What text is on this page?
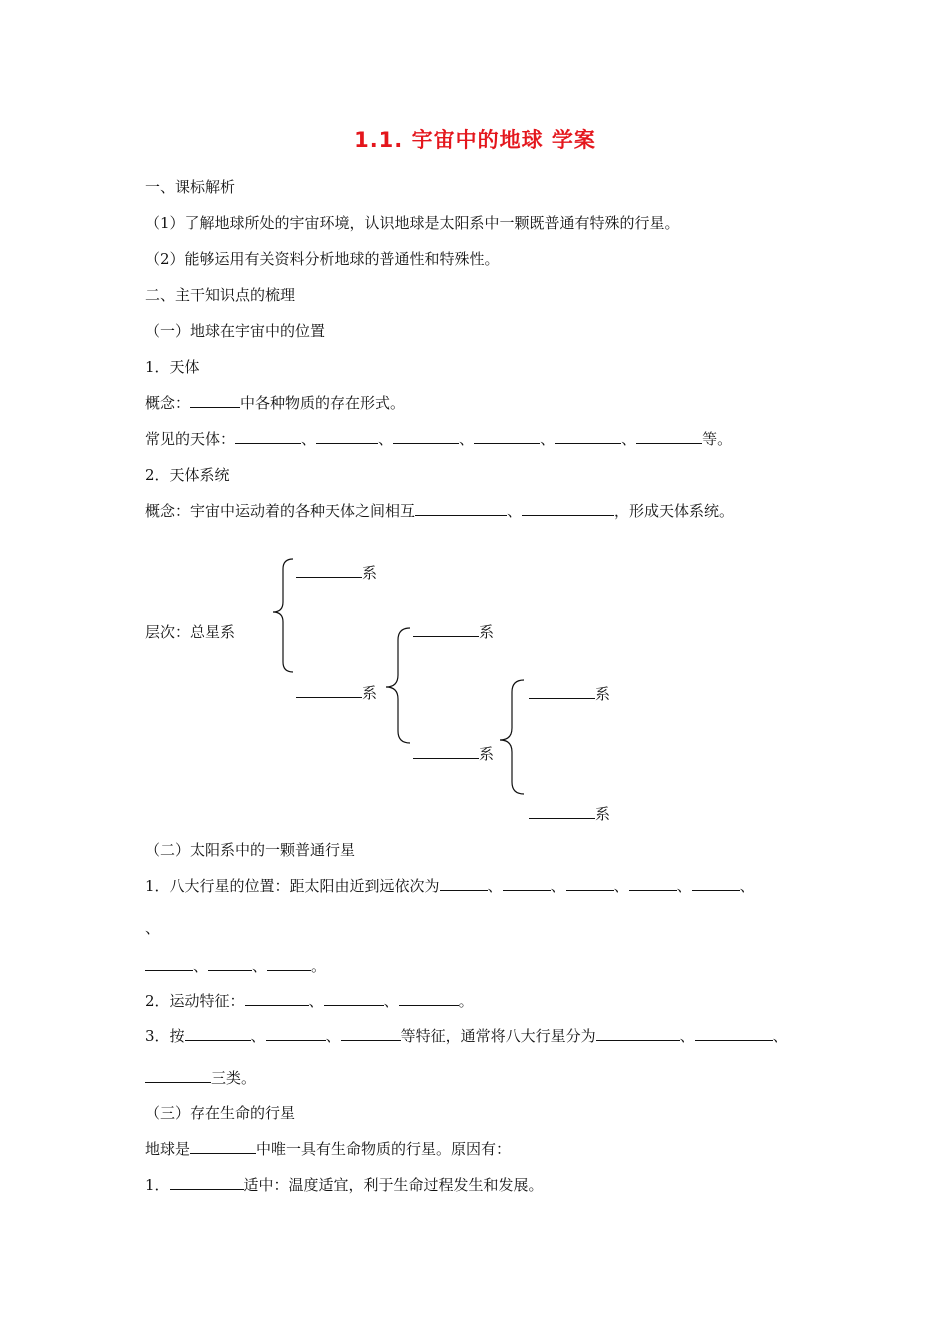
1.1. 宇宙中的地球 学案
一、课标解析
（1）了解地球所处的宇宙环境，认识地球是太阳系中一颗既普通有特殊的行星。
（2）能够运用有关资料分析地球的普通性和特殊性。
二、主干知识点的梳理
（一）地球在宇宙中的位置
1．天体
概念：	中各种物质的存在形式。
常见的天体：	、	、	、	、	、	等。
2．天体系统
概念：宇宙中运动着的各种天体之间相互	、	，形成天体系统。
层次：总星系
系
系
系
系
系
系
（二）太阳系中的一颗普通行星
1．八大行星的位置：距太阳由近到远依次为	、	、	、	、	、
、
、	、	。
2．运动特征：	、	、	。
3．按	、	、	等特征，通常将八大行星分为	、	、
三类。
（三）存在生命的行星
地球是	中唯一具有生命物质的行星。原因有：
1．	适中：温度适宜，利于生命过程发生和发展。
